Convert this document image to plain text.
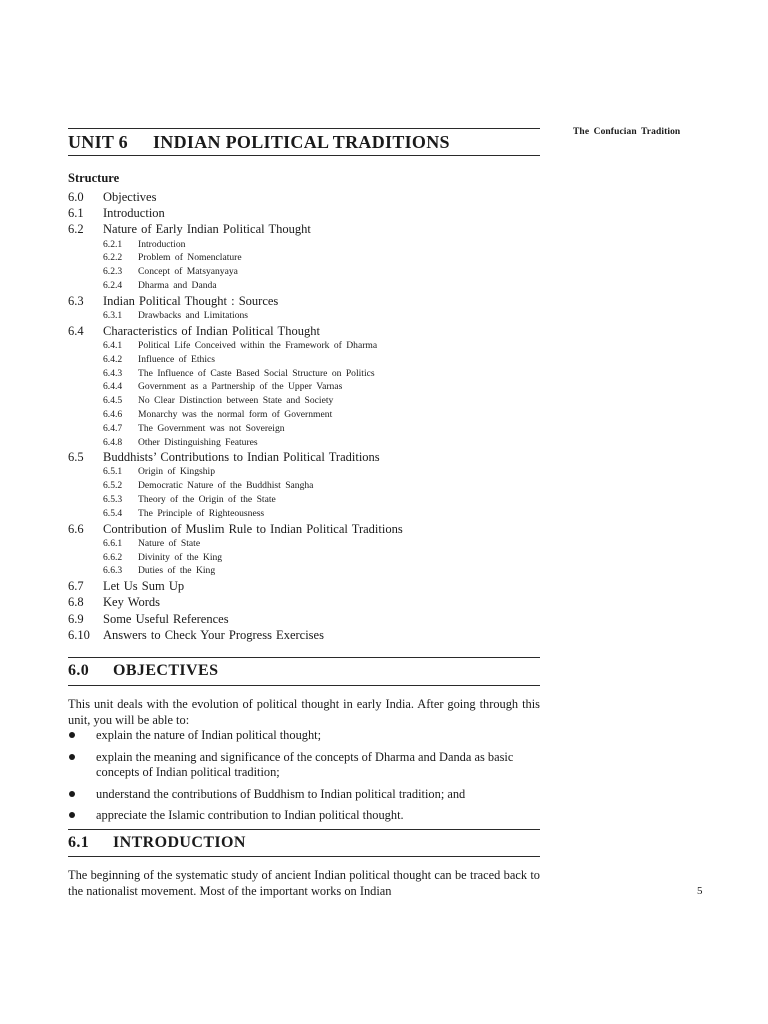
The Confucian Tradition
UNIT 6 INDIAN POLITICAL TRADITIONS
Structure
6.0 Objectives
6.1 Introduction
6.2 Nature of Early Indian Political Thought
6.2.1 Introduction
6.2.2 Problem of Nomenclature
6.2.3 Concept of Matsyanyaya
6.2.4 Dharma and Danda
6.3 Indian Political Thought : Sources
6.3.1 Drawbacks and Limitations
6.4 Characteristics of Indian Political Thought
6.4.1 Political Life Conceived within the Framework of Dharma
6.4.2 Influence of Ethics
6.4.3 The Influence of Caste Based Social Structure on Politics
6.4.4 Government as a Partnership of the Upper Varnas
6.4.5 No Clear Distinction between State and Society
6.4.6 Monarchy was the normal form of Government
6.4.7 The Government was not Sovereign
6.4.8 Other Distinguishing Features
6.5 Buddhists’ Contributions to Indian Political Traditions
6.5.1 Origin of Kingship
6.5.2 Democratic Nature of the Buddhist Sangha
6.5.3 Theory of the Origin of the State
6.5.4 The Principle of Righteousness
6.6 Contribution of Muslim Rule to Indian Political Traditions
6.6.1 Nature of State
6.6.2 Divinity of the King
6.6.3 Duties of the King
6.7 Let Us Sum Up
6.8 Key Words
6.9 Some Useful References
6.10 Answers to Check Your Progress Exercises
6.0 OBJECTIVES
This unit deals with the evolution of political thought in early India. After going through this unit, you will be able to:
explain the nature of Indian political thought;
explain the meaning and significance of the concepts of Dharma and Danda as basic concepts of Indian political tradition;
understand the contributions of Buddhism to Indian political tradition; and
appreciate the Islamic contribution to Indian political thought.
6.1 INTRODUCTION
The beginning of the systematic study of ancient Indian political thought can be traced back to the nationalist movement. Most of the important works on Indian	5
